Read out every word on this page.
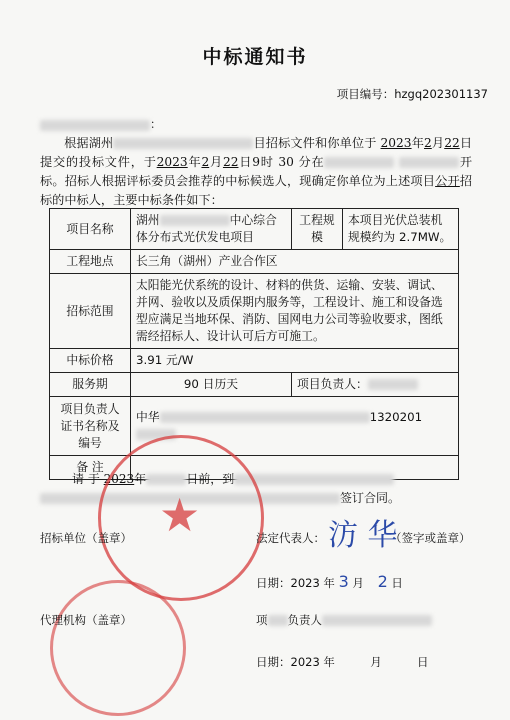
中标通知书
项目编号：hzgq202301137
：
根据湖州	目招标文件和你单位于 2023年2月22日提交的投标文件，于2023年2月22日9时 30 分在	开标。招标人根据评标委员会推荐的中标候选人，现确定你单位为上述项目公开招标的中标人，主要中标条件如下：
项目名称	湖州 中心综合体分布式光伏发电项目	工程规模	本项目光伏总装机规模约为 2.7MW。
工程地点	长三角（湖州）产业合作区		
招标范围	太阳能光伏系统的设计、材料的供货、运输、安装、调试、并网、验收以及质保期内服务等，工程设计、施工和设备选型应满足当地环保、消防、国网电力公司等验收要求，图纸需经招标人、设计认可后方可施工。		
中标价格	3.91 元/W		
服务期	90 日历天	项目负责人：	
项目负责人证书名称及编号	中华 1320201		
备 注			
请 于 2023年	日前，到
签订合同。
★
招标单位（盖章）	法定代表人： 汸 华
（签字或盖章）
日期：2023 年 3 月 2 日
代理机构（盖章）	项 负责人
日期：2023 年	月	日
